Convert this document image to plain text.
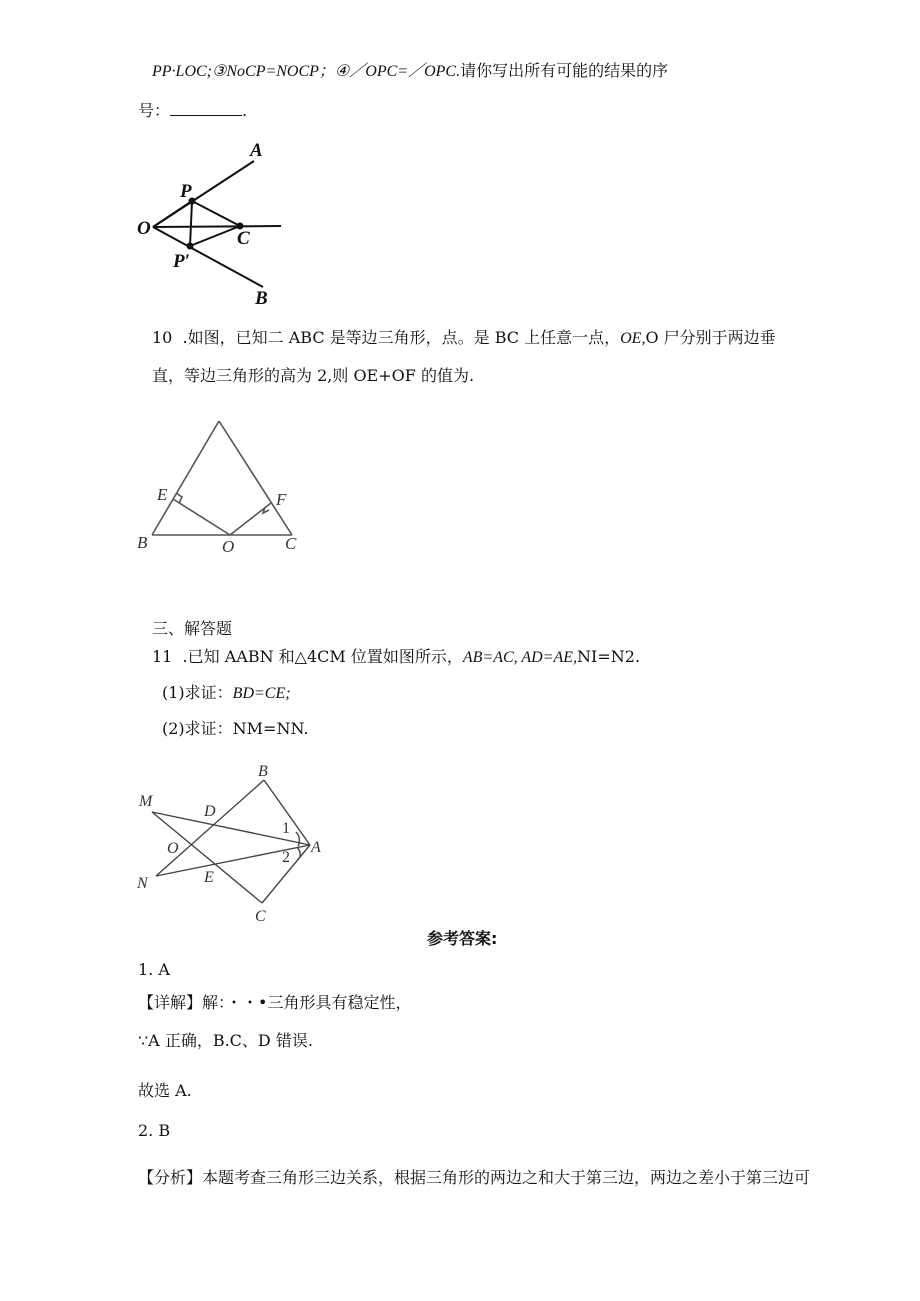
PP·LOC;③NoCP=NOCP；④／OPC=／OPC.请你写出所有可能的结果的序
号：	.
A
P
O	C
P′
B
E	F
B	O	C
B
M
D
1
O	A
2
N	E
C
10 .如图，已知二 ABC 是等边三角形，点。是 BC 上任意一点，OE,O 尸分别于两边垂
直，等边三角形的高为 2,则 OE+OF 的值为.
三、解答题
11 .已知 AABN 和△4CM 位置如图所示，AB=AC, AD=AE,NI=N2.
(1)求证：BD=CE;
(2)求证：NM=NN.
参考答案:
1. A
【详解】解：・・•三角形具有稳定性，
∵A 正确，B.C、D 错误.
故选 A.
2. B
【分析】本题考查三角形三边关系，根据三角形的两边之和大于第三边，两边之差小于第三边可
